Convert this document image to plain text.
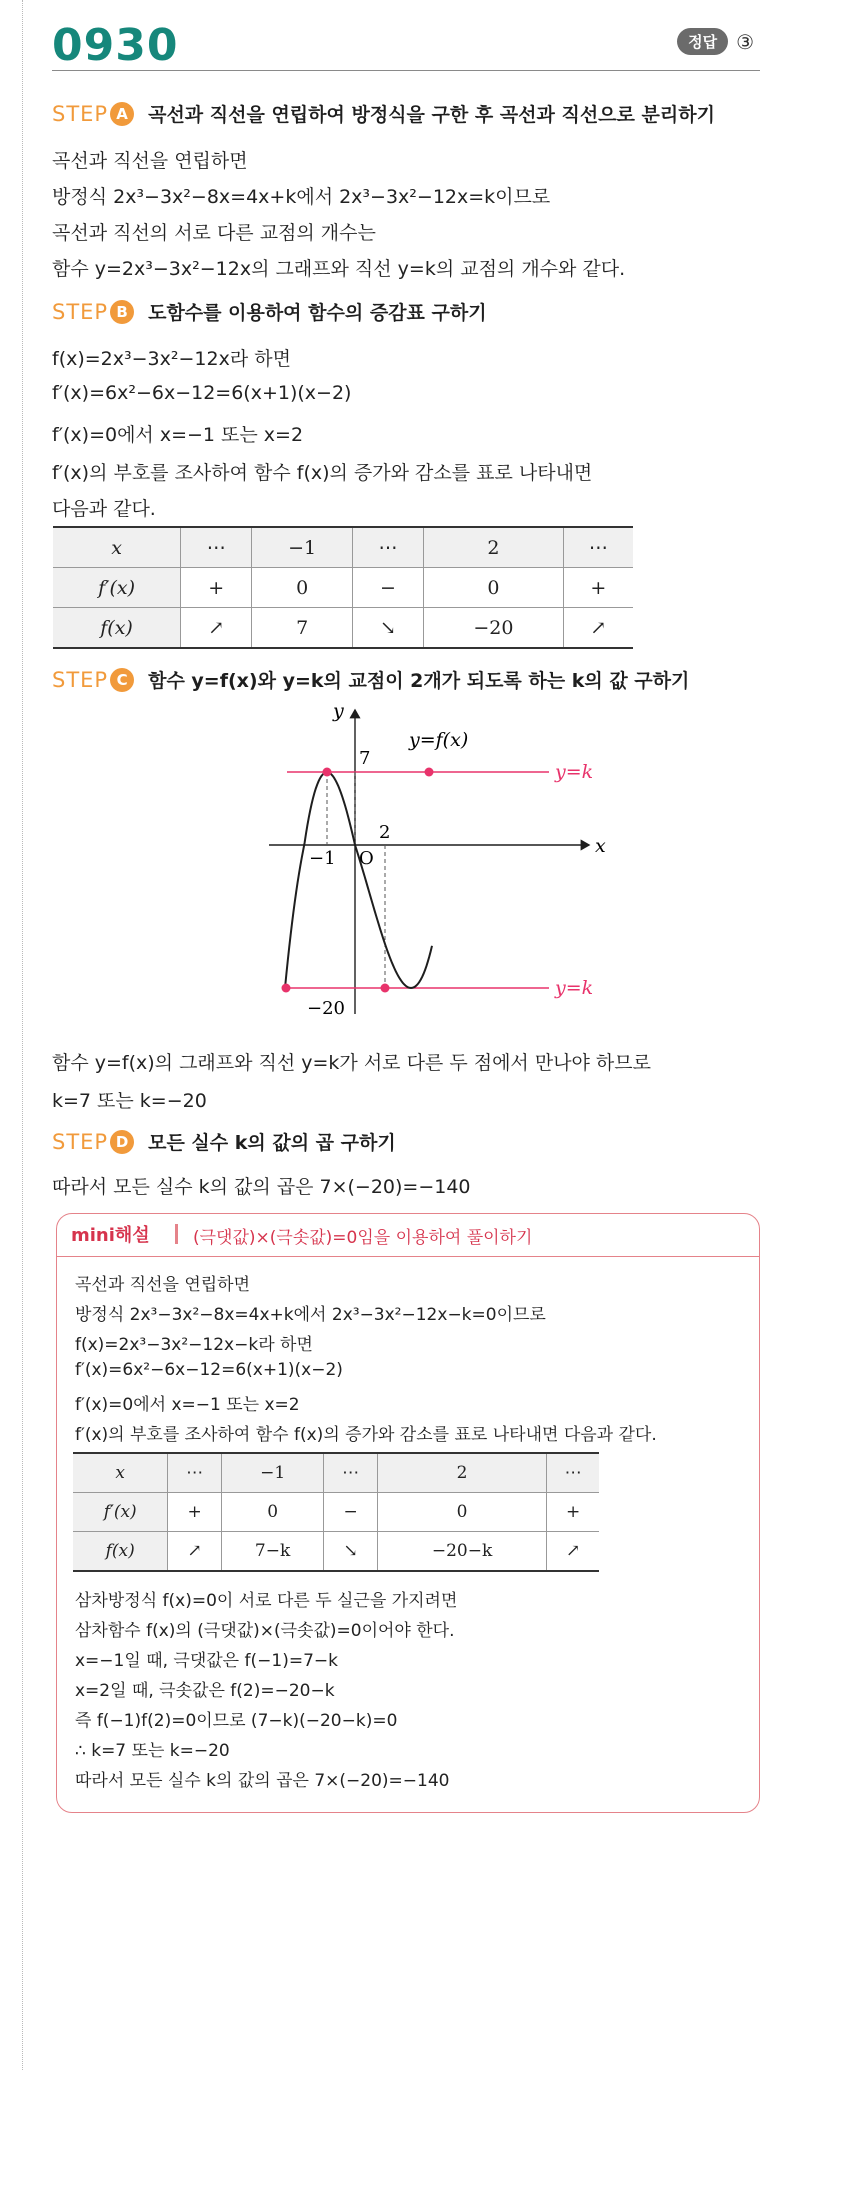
0930	정답 ③
STEP A	곡선과 직선을 연립하여 방정식을 구한 후 곡선과 직선으로 분리하기
곡선과 직선을 연립하면
방정식 2x³−3x²−8x=4x+k에서 2x³−3x²−12x=k이므로
곡선과 직선의 서로 다른 교점의 개수는
함수 y=2x³−3x²−12x의 그래프와 직선 y=k의 교점의 개수와 같다.
STEP B	도함수를 이용하여 함수의 증감표 구하기
f(x)=2x³−3x²−12x라 하면
f′(x)=6x²−6x−12=6(x+1)(x−2)
f′(x)=0에서 x=−1 또는 x=2
f′(x)의 부호를 조사하여 함수 f(x)의 증가와 감소를 표로 나타내면
다음과 같다.
x	⋯	−1	⋯	2	⋯
f′(x)	+	0	−	0	+
f(x)	↗	7	↘	−20	↗
STEP C	함수 y=f(x)와 y=k의 교점이 2개가 되도록 하는 k의 값 구하기
y
x
O
y=f(x)
y=k
y=k
7
−20
−1
2
함수 y=f(x)의 그래프와 직선 y=k가 서로 다른 두 점에서 만나야 하므로
k=7 또는 k=−20
STEP D	모든 실수 k의 값의 곱 구하기
따라서 모든 실수 k의 값의 곱은 7×(−20)=−140
mini해설	(극댓값)×(극솟값)=0임을 이용하여 풀이하기
곡선과 직선을 연립하면
방정식 2x³−3x²−8x=4x+k에서 2x³−3x²−12x−k=0이므로
f(x)=2x³−3x²−12x−k라 하면
f′(x)=6x²−6x−12=6(x+1)(x−2)
f′(x)=0에서 x=−1 또는 x=2
f′(x)의 부호를 조사하여 함수 f(x)의 증가와 감소를 표로 나타내면 다음과 같다.
x	⋯	−1	⋯	2	⋯
f′(x)	+	0	−	0	+
f(x)	↗	7−k	↘	−20−k	↗
삼차방정식 f(x)=0이 서로 다른 두 실근을 가지려면
삼차함수 f(x)의 (극댓값)×(극솟값)=0이어야 한다.
x=−1일 때, 극댓값은 f(−1)=7−k
x=2일 때, 극솟값은 f(2)=−20−k
즉 f(−1)f(2)=0이므로 (7−k)(−20−k)=0
∴ k=7 또는 k=−20
따라서 모든 실수 k의 값의 곱은 7×(−20)=−140
